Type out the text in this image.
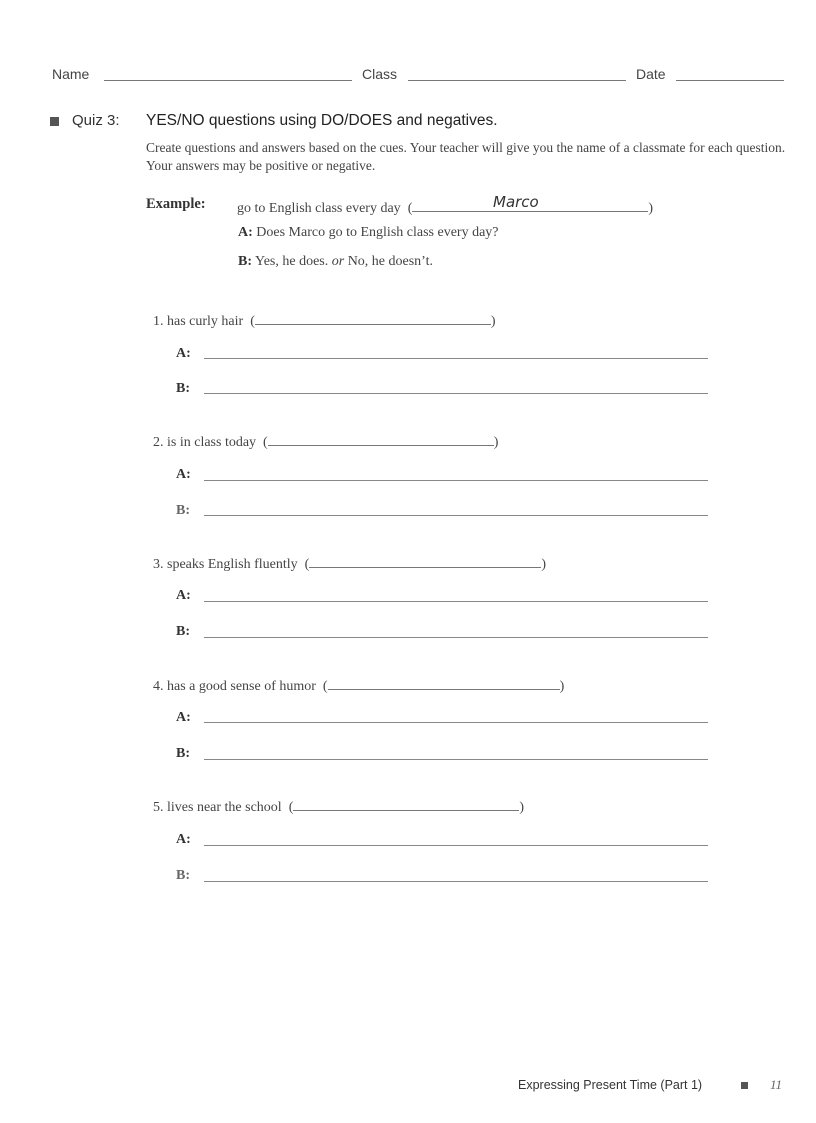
Name	Class	Date
Quiz 3: YES/NO questions using DO/DOES and negatives.
Create questions and answers based on the cues. Your teacher will give you the name of a classmate for each question. Your answers may be positive or negative.
Example: go to English class every day  (	)
Marco
A: Does Marco go to English class every day?
B: Yes, he does. or No, he doesn’t.
1. has curly hair  (	)
A:
B:
2. is in class today  (	)
A:
B:
3. speaks English fluently  (	)
A:
B:
4. has a good sense of humor  (	)
A:
B:
5. lives near the school  (	)
A:
B:
Expressing Present Time (Part 1)	11
